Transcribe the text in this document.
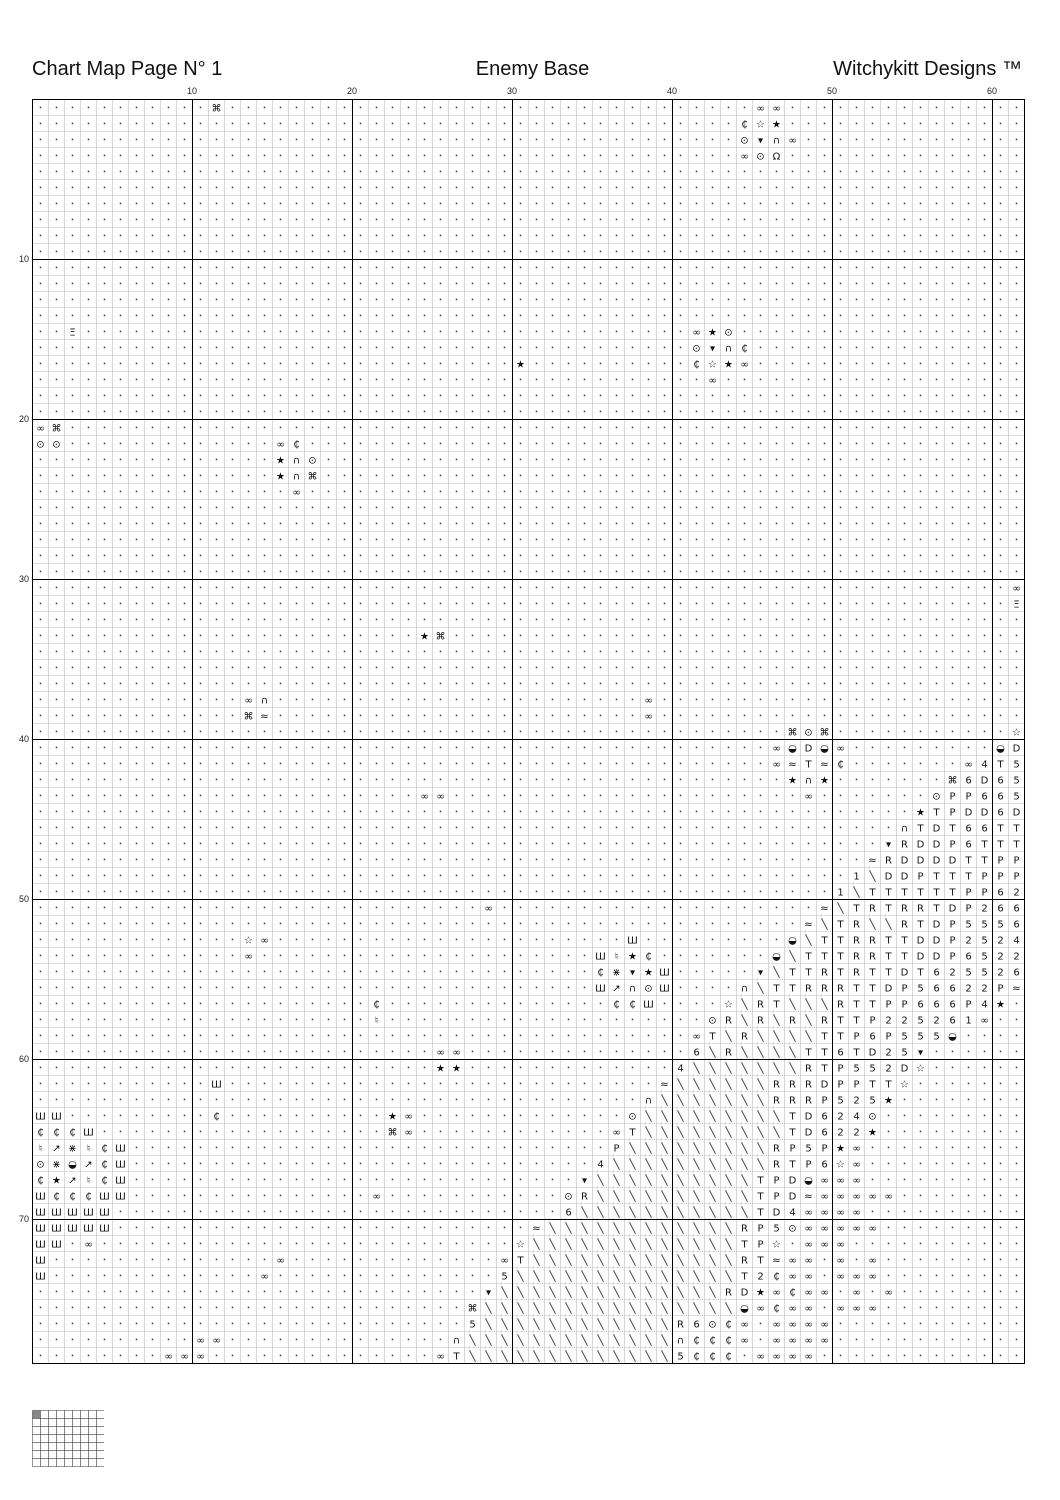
Chart Map Page N° 1	Enemy Base	Witchykitt Designs ™
10	20	30	40	50	60
10
20
30
40
50
60
70
⌘	∞ ∞
₵ ☆ ★
⊙ ▾ ∩ ∞
∞ ⊙ Ω
Ξ	∞ ★ ⊙
⊙ ▾ ∩ ₵
★	₵ ☆ ★ ∞
∞
∞ ⌘
⊙ ⊙	∞ ₵
★ ∩ ⊙
★ ∩ ⌘
∞
∞
Ξ
★ ⌘
∞ ∩	∞
⌘ ≈	∞
⌘ ⊙ ⌘	☆
∞ ◒ D ◒ ∞	◒ D
∞ ≈ T ≈ ₵	∞ 4 T 5
★ ∩ ★	⌘ 6 D 6 5
∞ ∞	∞	⊙ P P 6 6 5
★ T P D D 6 D
∩ T D T 6 6 T T
▾ R D D P 6 T T T
≈ R D D D D T T P P
1 ╲ D D P T T T P P P
1 ╲ T T T T T T P P 6 2
∞	≈ ╲ T R T R R T D P 2 6 6
≈ ╲ T R ╲ ╲ R T D P 5 5 5 6
☆ ∞	Ш	◒ ╲ T T R R T T D D P 2 5 2 4
∞	Ш ♮ ★ ₵	◒ ╲ T T T R R T T D D P 6 5 2 2
₵ ⋇ ▾ ★ Ш	▾ ╲ T T R T R T T D T 6 2 5 5 2 6
Ш ↗ ∩ ⊙ Ш	∩ ╲ T T R R R T T D P 5 6 6 2 2 P ≈
₵	₵ ₵ Ш	☆ ╲ R T ╲ ╲ ╲ R T T P P 6 6 6 P 4 ★
♮	⊙ R ╲ R ╲ R ╲ R T T P 2 2 5 2 6 1 ∞
∞ T ╲ R ╲ ╲ ╲ ╲ T T P 6 P 5 5 5 ◒
∞ ∞	6 ╲ R ╲ ╲ ╲ ╲ T T 6 T D 2 5 ▾
★ ★	4 ╲ ╲ ╲ ╲ ╲ ╲ ╲ R T P 5 5 2 D ☆
Ш	≈ ╲ ╲ ╲ ╲ ╲ ╲ R R R D P P T T ☆
∩ ╲ ╲ ╲ ╲ ╲ ╲ ╲ R R R P 5 2 5 ★
Ш Ш	₵	★ ∞	⊙ ╲ ╲ ╲ ╲ ╲ ╲ ╲ ╲ ╲ T D 6 2 4 ⊙
₵ ₵ ₵ Ш	⌘ ∞	∞ T ╲ ╲ ╲ ╲ ╲ ╲ ╲ ╲ ╲ T D 6 2 2 ★
♮ ↗ ⋇ ♮ ₵ Ш	P ╲ ╲ ╲ ╲ ╲ ╲ ╲ ╲ ╲ R P 5 P ★ ∞
⊙ ⋇ ◒ ↗ ₵ Ш	4 ╲ ╲ ╲ ╲ ╲ ╲ ╲ ╲ ╲ ╲ R T P 6 ☆ ∞
₵ ★ ↗ ♮ ₵ Ш	▾ ╲ ╲ ╲ ╲ ╲ ╲ ╲ ╲ ╲ ╲ T P D ◒ ∞ ∞ ∞
Ш ₵ ₵ ₵ Ш Ш	∞	⊙ R ╲ ╲ ╲ ╲ ╲ ╲ ╲ ╲ ╲ ╲ T P D ≈ ∞ ∞ ∞ ∞ ∞
Ш Ш Ш Ш Ш	6 ╲ ╲ ╲ ╲ ╲ ╲ ╲ ╲ ╲ ╲ ╲ T D 4 ∞ ∞ ∞ ∞
Ш Ш Ш Ш Ш	≈ ╲ ╲ ╲ ╲ ╲ ╲ ╲ ╲ ╲ ╲ ╲ ╲ R P 5 ⊙ ∞ ∞ ∞ ∞ ∞
Ш Ш ∞	☆ ╲ ╲ ╲ ╲ ╲ ╲ ╲ ╲ ╲ ╲ ╲ ╲ ╲ T P ☆ ∞ ∞ ∞
Ш	∞	∞ T ╲ ╲ ╲ ╲ ╲ ╲ ╲ ╲ ╲ ╲ ╲ ╲ ╲ R T ≈ ∞ ∞ ∞ ∞
Ш	∞	5 ╲ ╲ ╲ ╲ ╲ ╲ ╲ ╲ ╲ ╲ ╲ ╲ ╲ ╲ T 2 ₵ ∞ ∞ ∞ ∞ ∞
▾ ╲ ╲ ╲ ╲ ╲ ╲ ╲ ╲ ╲ ╲ ╲ ╲ ╲ ╲ R D ★ ∞ ₵ ∞ ∞ ∞ ∞
⌘ ╲ ╲ ╲ ╲ ╲ ╲ ╲ ╲ ╲ ╲ ╲ ╲ ╲ ╲ ╲ ╲ ◒ ∞ ₵ ∞ ∞ ∞ ∞ ∞
5 ╲ ╲ ╲ ╲ ╲ ╲ ╲ ╲ ╲ ╲ ╲ ╲ R 6 ⊙ ₵ ∞ ∞ ∞ ∞ ∞
∞ ∞	∩ ╲ ╲ ╲ ╲ ╲ ╲ ╲ ╲ ╲ ╲ ╲ ╲ ╲ ∩ ₵ ₵ ₵ ∞ ∞ ∞ ∞ ∞
∞ ∞ ∞	∞ T ╲ ╲ ╲ ╲ ╲ ╲ ╲ ╲ ╲ ╲ ╲ ╲ ╲ 5 ₵ ₵ ₵ ∞ ∞ ∞ ∞
